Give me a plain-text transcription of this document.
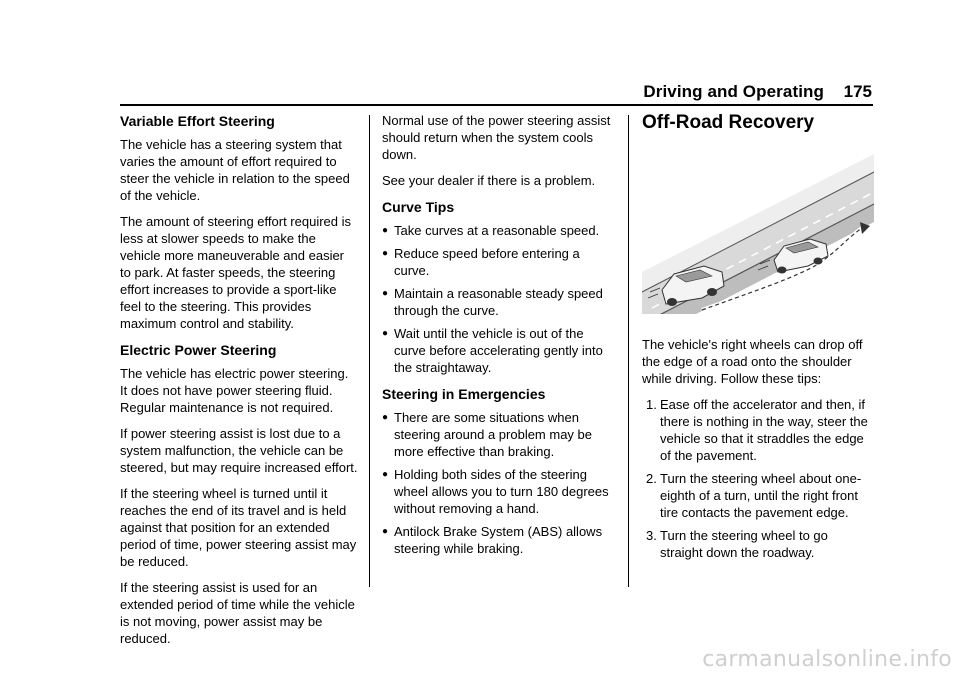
Driving and Operating 175
Variable Effort Steering

The vehicle has a steering system that varies the amount of effort required to steer the vehicle in relation to the speed of the vehicle.

The amount of steering effort required is less at slower speeds to make the vehicle more maneuverable and easier to park. At faster speeds, the steering effort increases to provide a sport-like feel to the steering. This provides maximum control and stability.

Electric Power Steering

The vehicle has electric power steering. It does not have power steering fluid. Regular maintenance is not required.

If power steering assist is lost due to a system malfunction, the vehicle can be steered, but may require increased effort.

If the steering wheel is turned until it reaches the end of its travel and is held against that position for an extended period of time, power steering assist may be reduced.

If the steering assist is used for an extended period of time while the vehicle is not moving, power assist may be reduced.

Normal use of the power steering assist should return when the system cools down.

See your dealer if there is a problem.

Curve Tips
● Take curves at a reasonable speed.
● Reduce speed before entering a curve.
● Maintain a reasonable steady speed through the curve.
● Wait until the vehicle is out of the curve before accelerating gently into the straightaway.
Steering in Emergencies
● There are some situations when steering around a problem may be more effective than braking.
● Holding both sides of the steering wheel allows you to turn 180 degrees without removing a hand.
● Antilock Brake System (ABS) allows steering while braking.
Off-Road Recovery

The vehicle's right wheels can drop off the edge of a road onto the shoulder while driving. Follow these tips:

1. Ease off the accelerator and then, if there is nothing in the way, steer the vehicle so that it straddles the edge of the pavement.
2. Turn the steering wheel about one-eighth of a turn, until the right front tire contacts the pavement edge.
3. Turn the steering wheel to go straight down the roadway.
carmanualsonline.info
